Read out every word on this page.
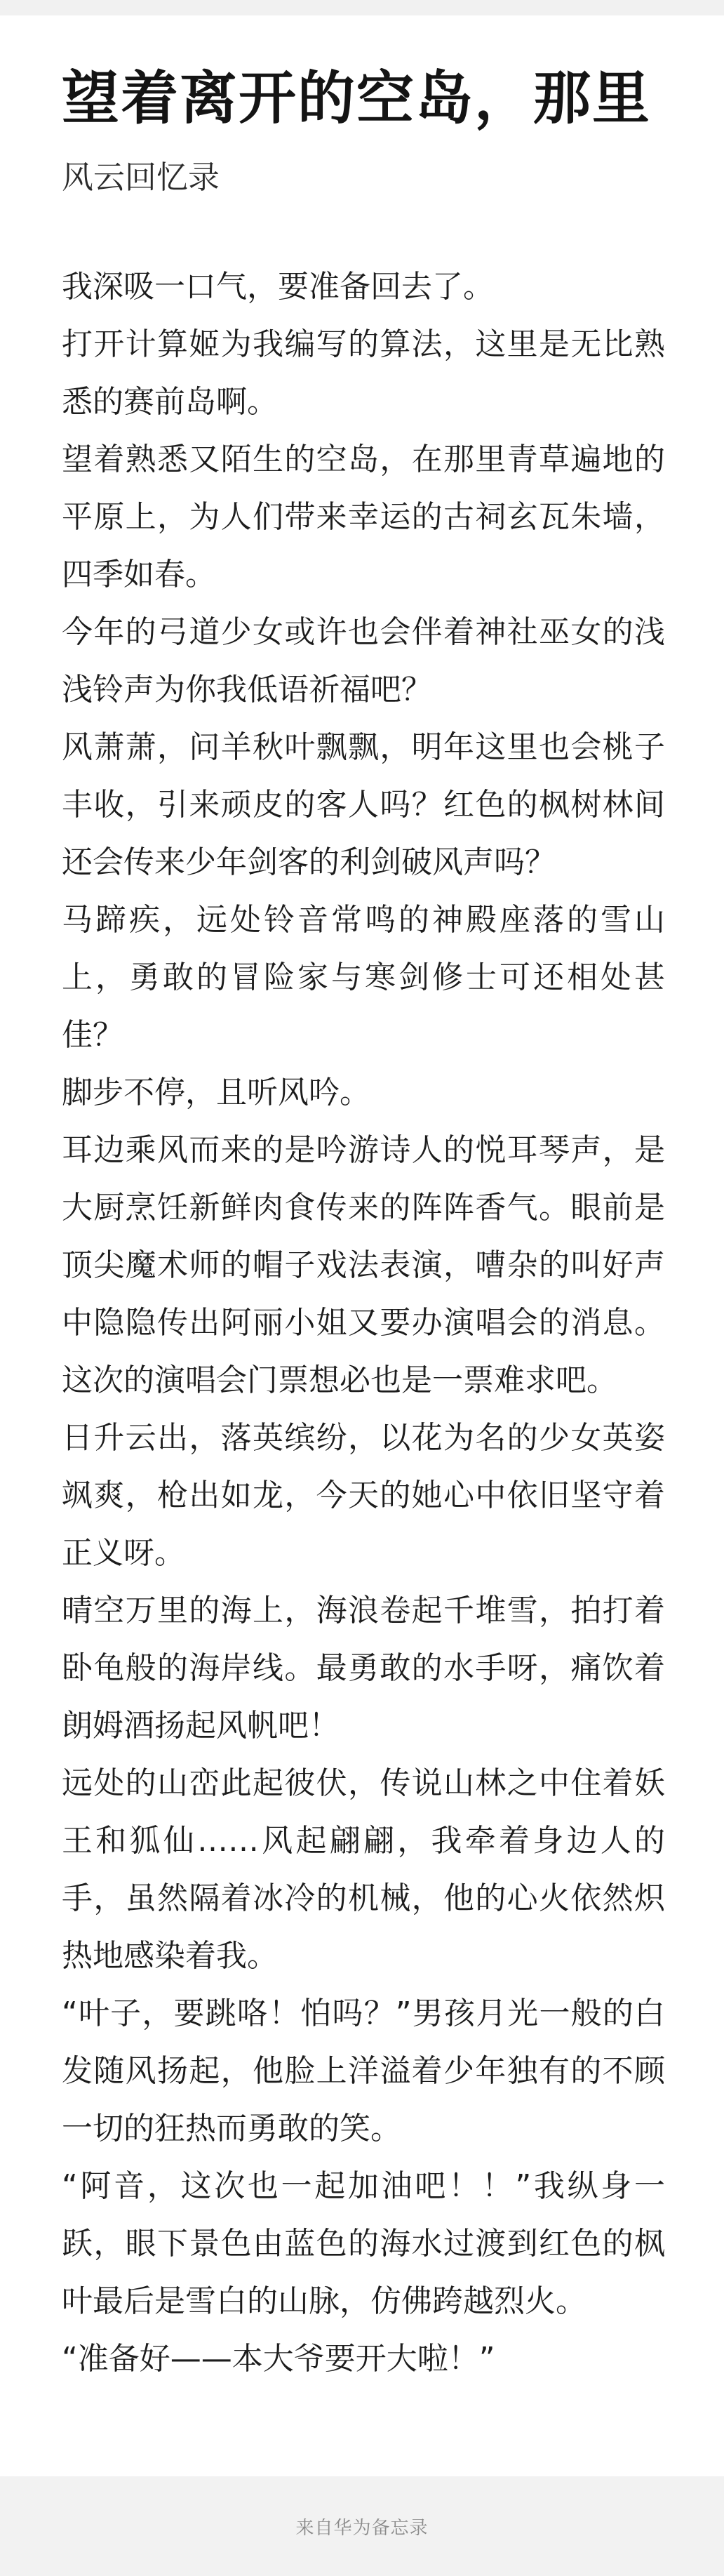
望着离开的空岛，那里
风云回忆录

我深吸一口气，要准备回去了。

打开计算姬为我编写的算法，这里是无比熟悉的赛前岛啊。

望着熟悉又陌生的空岛，在那里青草遍地的平原上，为人们带来幸运的古祠玄瓦朱墙，四季如春。

今年的弓道少女或许也会伴着神社巫女的浅浅铃声为你我低语祈福吧？

风萧萧，问羊秋叶飘飘，明年这里也会桃子丰收，引来顽皮的客人吗？红色的枫树林间还会传来少年剑客的利剑破风声吗？

马蹄疾，远处铃音常鸣的神殿座落的雪山上，勇敢的冒险家与寒剑修士可还相处甚佳？

脚步不停，且听风吟。

耳边乘风而来的是吟游诗人的悦耳琴声，是大厨烹饪新鲜肉食传来的阵阵香气。眼前是顶尖魔术师的帽子戏法表演，嘈杂的叫好声中隐隐传出阿丽小姐又要办演唱会的消息。这次的演唱会门票想必也是一票难求吧。

日升云出，落英缤纷，以花为名的少女英姿飒爽，枪出如龙，今天的她心中依旧坚守着正义呀。

晴空万里的海上，海浪卷起千堆雪，拍打着卧龟般的海岸线。最勇敢的水手呀，痛饮着朗姆酒扬起风帆吧！

远处的山峦此起彼伏，传说山林之中住着妖王和狐仙……风起翩翩，我牵着身边人的手，虽然隔着冰冷的机械，他的心火依然炽热地感染着我。

“叶子，要跳咯！怕吗？”男孩月光一般的白发随风扬起，他脸上洋溢着少年独有的不顾一切的狂热而勇敢的笑。

“阿音，这次也一起加油吧！！”我纵身一跃，眼下景色由蓝色的海水过渡到红色的枫叶最后是雪白的山脉，仿佛跨越烈火。

“准备好——本大爷要开大啦！”

来自华为备忘录
